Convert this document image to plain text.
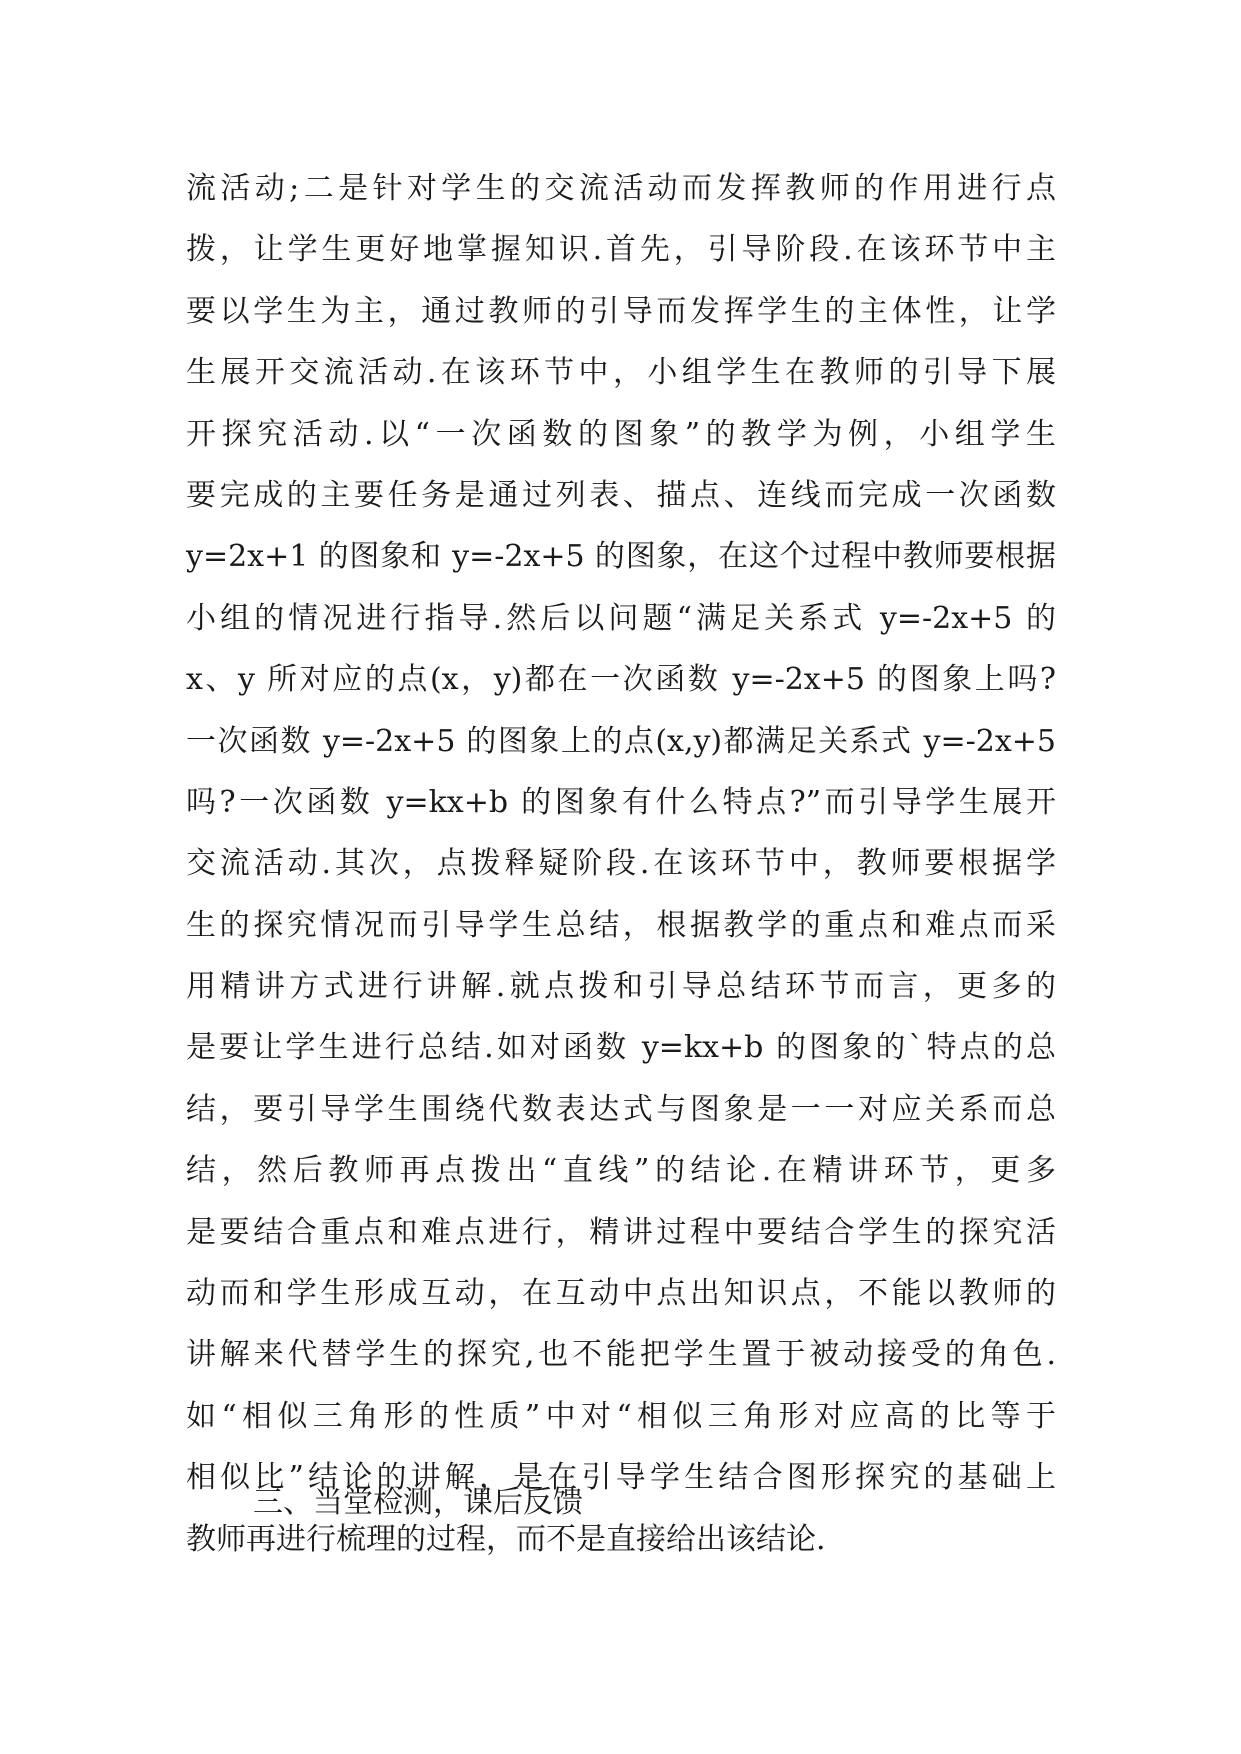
流活动;二是针对学生的交流活动而发挥教师的作用进行点
拨，让学生更好地掌握知识.首先，引导阶段.在该环节中主
要以学生为主，通过教师的引导而发挥学生的主体性，让学
生展开交流活动.在该环节中，小组学生在教师的引导下展
开探究活动.以“一次函数的图象”的教学为例，小组学生
要完成的主要任务是通过列表、描点、连线而完成一次函数
y=2x+1 的图象和 y=-2x+5 的图象，在这个过程中教师要根据
小组的情况进行指导.然后以问题“满足关系式 y=-2x+5 的
x、y 所对应的点(x，y)都在一次函数 y=-2x+5 的图象上吗?
一次函数 y=-2x+5 的图象上的点(x,y)都满足关系式 y=-2x+5
吗?一次函数 y=kx+b 的图象有什么特点?”而引导学生展开
交流活动.其次，点拨释疑阶段.在该环节中，教师要根据学
生的探究情况而引导学生总结，根据教学的重点和难点而采
用精讲方式进行讲解.就点拨和引导总结环节而言，更多的
是要让学生进行总结.如对函数 y=kx+b 的图象的`特点的总
结，要引导学生围绕代数表达式与图象是一一对应关系而总
结，然后教师再点拨出“直线”的结论.在精讲环节，更多
是要结合重点和难点进行，精讲过程中要结合学生的探究活
动而和学生形成互动，在互动中点出知识点，不能以教师的
讲解来代替学生的探究,也不能把学生置于被动接受的角色.
如“相似三角形的性质”中对“相似三角形对应高的比等于
相似比”结论的讲解，是在引导学生结合图形探究的基础上
教师再进行梳理的过程，而不是直接给出该结论.
三、当堂检测，课后反馈
